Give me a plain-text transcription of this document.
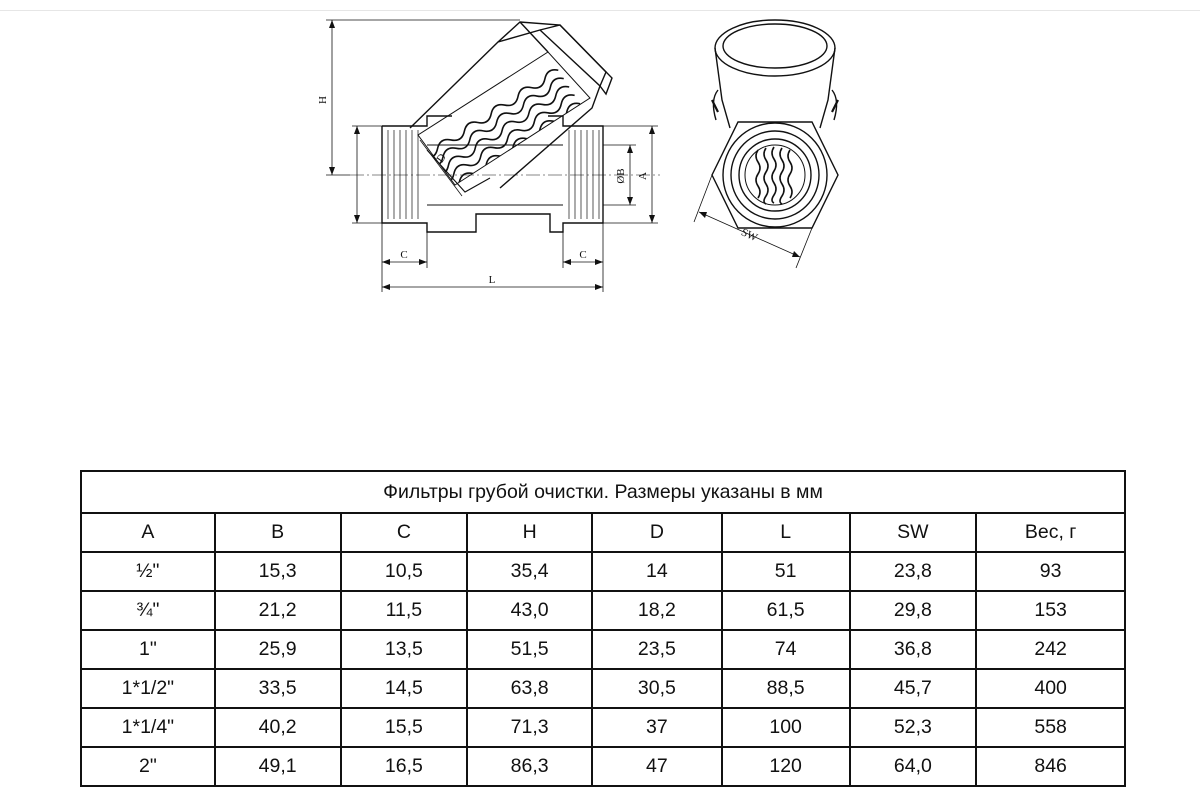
H
A
ØB
C	C
L
D
SW
Фильтры грубой очистки. Размеры указаны в мм							
A	B	C	H	D	L	SW	Вес, г
½"	15,3	10,5	35,4	14	51	23,8	93
¾"	21,2	11,5	43,0	18,2	61,5	29,8	153
1"	25,9	13,5	51,5	23,5	74	36,8	242
1*1/2"	33,5	14,5	63,8	30,5	88,5	45,7	400
1*1/4"	40,2	15,5	71,3	37	100	52,3	558
2"	49,1	16,5	86,3	47	120	64,0	846
